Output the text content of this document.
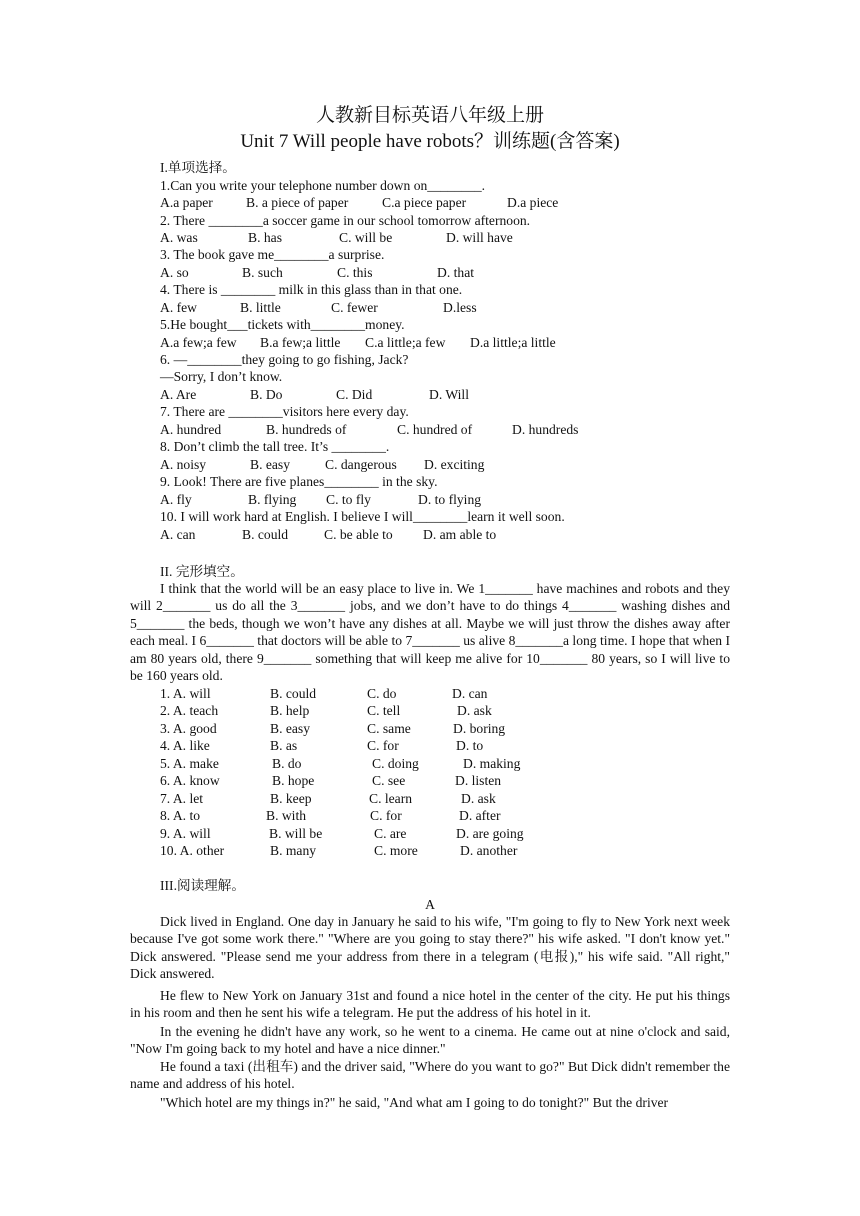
人教新目标英语八年级上册
Unit 7 Will people have robots？训练题(含答案)
I.单项选择。
1.Can you write your telephone number down on________.
A.a paper B. a piece of paper C.a piece paper	D.a piece
2. There ________a soccer game in our school tomorrow afternoon.
A. was	B. has	C. will be	D. will have
3. The book gave me________a surprise.
A. so	B. such	C. this	D. that
4. There is ________ milk in this glass than in that one.
A. few	B. little	C. fewer	D.less
5.He bought___tickets with________money.
A.a few;a few B.a few;a little C.a little;a few D.a little;a little
6. —________they going to go fishing, Jack?
—Sorry, I don’t know.
A. Are	B. Do	C. Did	D. Will
7. There are ________visitors here every day.
A. hundred	B. hundreds of	C. hundred of	D. hundreds
8. Don’t climb the tall tree. It’s ________.
A. noisy	B. easy	C. dangerous D. exciting
9. Look! There are five planes________ in the sky.
A. fly	B. flying C. to fly	D. to flying
10. I will work hard at English. I believe I will________learn it well soon.
A. can	B. could	C. be able to D. am able to
II. 完形填空。
I think that the world will be an easy place to live in. We 1_______ have machines and robots and they will 2_______ us do all the 3_______ jobs, and we don’t have to do things 4_______ washing dishes and 5_______ the beds, though we won’t have any dishes at all. Maybe we will just throw the dishes away after each meal. I 6_______ that doctors will be able to 7_______ us alive 8_______a long time. I hope that when I am 80 years old, there 9_______ something that will keep me alive for 10_______ 80 years, so I will live to be 160 years old.
1. A. will	B. could	C. do	D. can
2. A. teach	B. help	C. tell	D. ask
3. A. good	B. easy	C. same	D. boring
4. A. like	B. as	C. for	D. to
5. A. make	B. do	C. doing	D. making
6. A. know	B. hope	C. see	D. listen
7. A. let	B. keep	C. learn	D. ask
8. A. to	B. with	C. for	D. after
9. A. will	B. will be	C. are	D. are going
10. A. other	B. many	C. more	D. another
III.阅读理解。
A
Dick lived in England. One day in January he said to his wife, "I'm going to fly to New York next week because I've got some work there." "Where are you going to stay there?" his wife asked. "I don't know yet." Dick answered. "Please send me your address from there in a telegram (电报)," his wife said. "All right," Dick answered.
He flew to New York on January 31st and found a nice hotel in the center of the city. He put his things in his room and then he sent his wife a telegram. He put the address of his hotel in it.
In the evening he didn't have any work, so he went to a cinema. He came out at nine o'clock and said, "Now I'm going back to my hotel and have a nice dinner."
He found a taxi (出租车) and the driver said, "Where do you want to go?" But Dick didn't remember the name and address of his hotel.
"Which hotel are my things in?" he said, "And what am I going to do tonight?" But the driver
